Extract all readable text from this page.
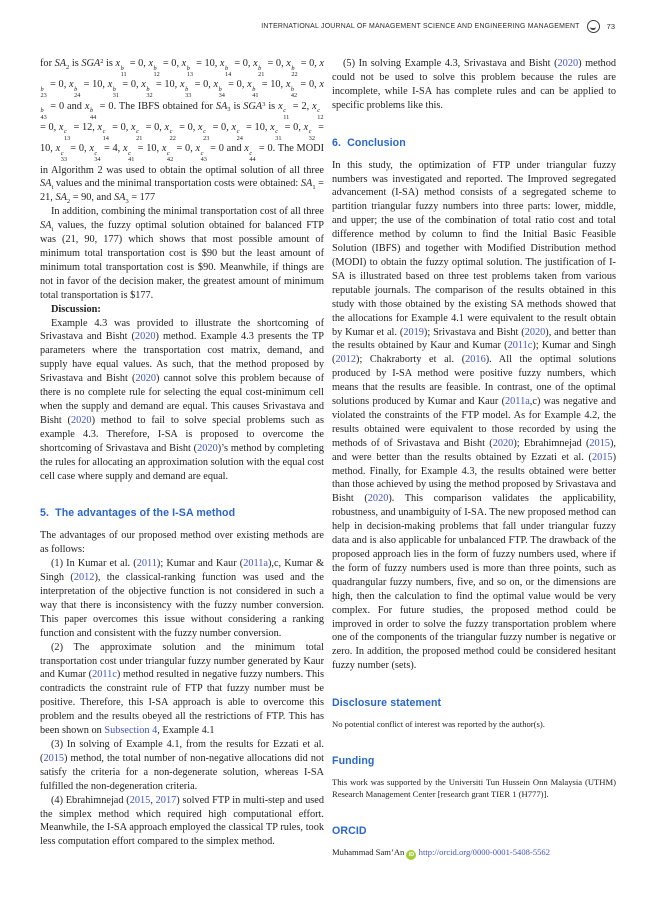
INTERNATIONAL JOURNAL OF MANAGEMENT SCIENCE AND ENGINEERING MANAGEMENT	73

for $SA_2$ is SGA$^2$ is x b
11
= 0, x b
12
= 0, x b
13
= 10, x b
14
= 0, x b
21
= 0, x b
22
= 0, x
b
23
= 0, x b
24
= 10, x b
31
= 0, x b
32
= 10, x b
33
= 0, x b
34
= 0, x b
41
= 10, x b
42
= 0, x
b
43
= 0 and x b
44
= 0. The IBFS obtained for $SA_3$ is SGA$^3$ is x c
11
= 2, x c
12
= 0, x c
13
= 12, x c
14
= 0, x c
21
= 0, x c
22
= 0, x c
23
= 0, x c
24
= 10, x c
31
= 0, x c
32
= 10, x c
33
= 0, x c
34
= 4, x c
41
= 10, x c
42
= 0, x c
43
= 0 and x c
44
= 0. The MODI in Algorithm 2 was used to obtain the optimal solution of all three $SA_t$ values and the minimal transportation costs were obtained: $SA_1 = 21$, $SA_2 = 90$, and $SA_3 = 177$

In addition, combining the minimal transportation cost of all three $SA_t$ values, the fuzzy optimal solution obtained for balanced FTP was (21, 90, 177) which shows that most possible amount of minimum total transportation cost is $90 but the least amount of minimum total transportation cost is $90. Meanwhile, if things are not in favor of the decision maker, the greatest amount of minimum total transportation is $177.

Discussion:

Example 4.3 was provided to illustrate the shortcoming of Srivastava and Bisht (2020) method. Example 4.3 presents the TP parameters where the transportation cost matrix, demand, and supply have equal values. As such, that the method proposed by Srivastava and Bisht (2020) cannot solve this problem because of there is no complete rule for selecting the equal cost-minimum cell when the supply and demand are equal. This causes Srivastava and Bisht (2020) method to fail to solve special problems such as example 4.3. Therefore, I-SA is proposed to overcome the shortcoming of Srivastava and Bisht (2020)’s method by completing the rules for allocating an approximation solution with the equal cost cell case where supply and demand are equal.

5.  The advantages of the I-SA method

The advantages of our proposed method over existing methods are as follows:

(1) In Kumar et al. (2011); Kumar and Kaur (2011a),c, Kumar & Singh (2012), the classical-ranking function was used and the interpretation of the objective function is not considered in such a way that there is inconsistency with the fuzzy number conversion. This paper overcomes this issue without considering a ranking function and consistent with the fuzzy number conversion.

(2) The approximate solution and the minimum total transportation cost under triangular fuzzy number generated by Kaur and Kumar (2011c) method resulted in negative fuzzy numbers. This contradicts the constraint rule of FTP that fuzzy number must be positive. Therefore, this I-SA approach is able to overcome this problem and the results obeyed all the restrictions of FTP. This has been shown on Subsection 4, Example 4.1

(3) In solving of Example 4.1, from the results for Ezzati et al. (2015) method, the total number of non-negative allocations did not satisfy the criteria for a non-degenerate solution, whereas I-SA fulfilled the non-degeneration criteria.

(4) Ebrahimnejad (2015, 2017) solved FTP in multi-step and used the simplex method which required high computational effort. Meanwhile, the I-SA approach employed the classical TP rules, took less computation effort compared to the simplex method.

(5) In solving Example 4.3, Srivastava and Bisht (2020) method could not be used to solve this problem because the rules are incomplete, while I-SA has complete rules and can be applied to specific problems like this.

6.  Conclusion

In this study, the optimization of FTP under triangular fuzzy numbers was investigated and reported. The Improved segregated advancement (I-SA) method consists of a segregated scheme to partition triangular fuzzy numbers into three parts: lower, middle, and upper; the use of the combination of total ratio cost and total difference method by column to find the Initial Basic Feasible Solution (IBFS) and together with Modified Distribution method (MODI) to obtain the fuzzy optimal solution. The justification of I-SA is illustrated based on three test problems taken from various reputable journals. The comparison of the results obtained in this study with those obtained by the existing SA methods showed that the allocations for Example 4.1 were equivalent to the result obtain by Kumar et al. (2019); Srivastava and Bisht (2020), and better than the results obtained by Kaur and Kumar (2011c); Kumar and Singh (2012); Chakraborty et al. (2016). All the optimal solutions produced by I-SA method were positive fuzzy numbers, which means that the results are feasible. In contrast, one of the optimal solutions produced by Kumar and Kaur (2011a,c) was negative and violated the constraints of the FTP model. As for Example 4.2, the results obtained were equivalent to those recorded by using the methods of of Srivastava and Bisht (2020); Ebrahimnejad (2015), and were better than the results obtained by Ezzati et al. (2015) method. Finally, for Example 4.3, the results obtained were better than those achieved by using the method proposed by Srivastava and Bisht (2020). This comparison validates the applicability, robustness, and unambiguity of I-SA. The new proposed method can help in decision-making problems that fall under triangular fuzzy data and is also applicable for unbalanced FTP. The drawback of the proposed approach lies in the form of fuzzy numbers used, where if the form of fuzzy numbers used is more than three points, such as quadrangular fuzzy numbers, five, and so on, or the dimensions are high, then the calculation to find the optimal value would be very complex. For future studies, the proposed method could be improved in order to solve the fuzzy transportation problem where one of the components of the triangular fuzzy number is negative or zero. In addition, the proposed method could be considered hesitant fuzzy number (sets).

Disclosure statement

No potential conflict of interest was reported by the author(s).

Funding

This work was supported by the Universiti Tun Hussein Onn Malaysia (UTHM) Research Management Center [research grant TIER 1 (H777)].

ORCID

Muhammad Sam’An iD http://orcid.org/0000-0001-5408-5562
